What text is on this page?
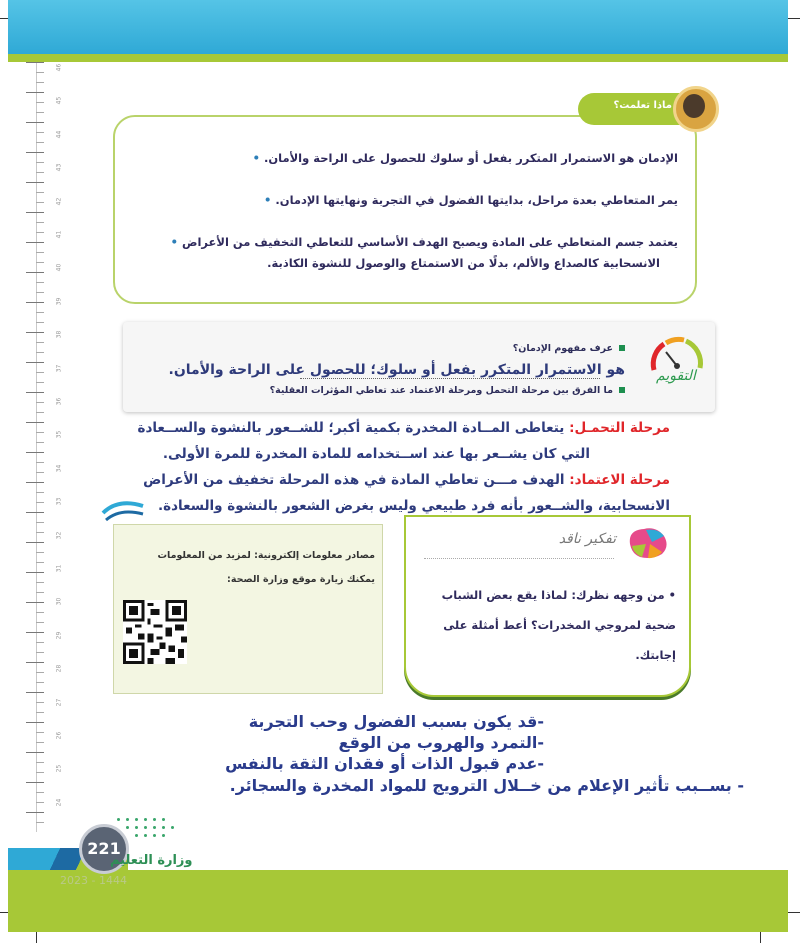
46
45
44
43
42
41
40
39
38
37
36
35
34
33
32
31
30
29
28
27
26
25
24
ماذا تعلمت؟
الإدمان هو الاستمرار المتكرر بفعل أو سلوك للحصول على الراحة والأمان. •
يمر المتعاطي بعدة مراحل، بدايتها الفضول في التجربة ونهايتها الإدمان. •
يعتمد جسم المتعاطي على المادة ويصبح الهدف الأساسي للتعاطي التخفيف من الأعراض •
الانسحابية كالصداع والألم، بدلًا من الاستمتاع والوصول للنشوة الكاذبة.
التقويم
عرف مفهوم الإدمان؟
هو الاستمرار المتكرر بفعل أو سلوك؛ للحصول على الراحة والأمان.
ما الفرق بين مرحلة التحمل ومرحلة الاعتماد عند تعاطي المؤثرات العقلية؟
مرحلة التحمـل: يتعاطى المــادة المخدرة بكمية أكبر؛ للشــعور بالنشوة والســعادة
التي كان يشــعر بها عند اســتخدامه للمادة المخدرة للمرة الأولى.
مرحلة الاعتماد: الهدف مـــن تعاطي المادة في هذه المرحلة تخفيف من الأعراض
الانسحابية، والشــعور بأنه فرد طبيعي وليس بغرض الشعور بالنشوة والسعادة.
مصادر معلومات إلكترونية: لمزيد من المعلومات
يمكنك زيارة موقع وزارة الصحة:
تفكير ناقد
• من وجهه نظرك: لماذا يقع بعض الشباب
ضحية لمروجي المخدرات؟ أعط أمثلة على
إجابتك.
-قد يكون بسبب الفضول وحب التجربة
-التمرد والهروب من الوقع
-عدم قبول الذات أو فقدان الثقة بالنفس
- بســبب تأثير الإعلام من خــلال الترويج للمواد المخدرة والسجائر.
221
وزارة التعليم
2023 - 1444
